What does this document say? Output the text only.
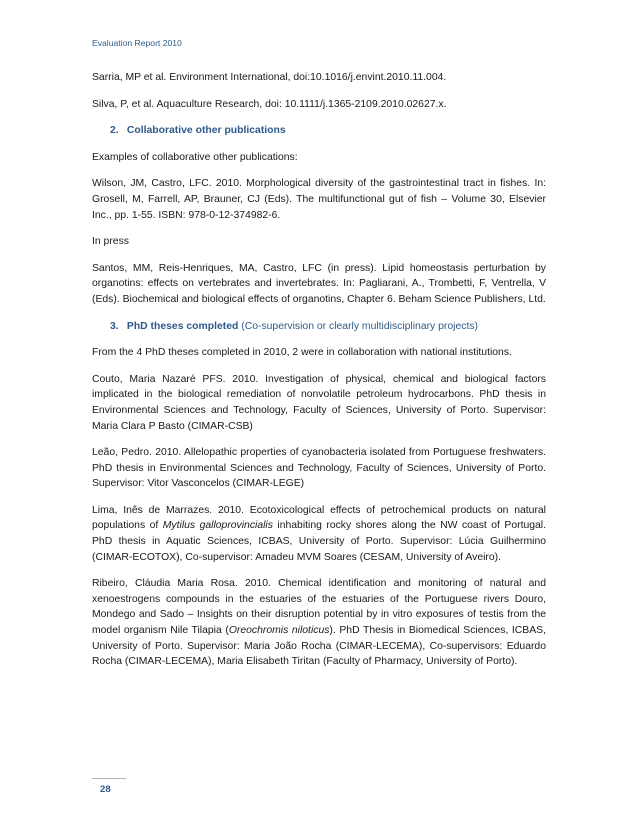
Evaluation Report 2010

Sarria, MP et al. Environment International, doi:10.1016/j.envint.2010.11.004.

Silva, P, et al. Aquaculture Research, doi: 10.1111/j.1365-2109.2010.02627.x.

2. Collaborative other publications

Examples of collaborative other publications:

Wilson, JM, Castro, LFC. 2010. Morphological diversity of the gastrointestinal tract in fishes. In: Grosell, M, Farrell, AP, Brauner, CJ (Eds). The multifunctional gut of fish – Volume 30, Elsevier Inc., pp. 1-55. ISBN: 978-0-12-374982-6.

In press

Santos, MM, Reis-Henriques, MA, Castro, LFC (in press). Lipid homeostasis perturbation by organotins: effects on vertebrates and invertebrates. In: Pagliarani, A., Trombetti, F, Ventrella, V (Eds). Biochemical and biological effects of organotins, Chapter 6. Beham Science Publishers, Ltd.

3. PhD theses completed (Co-supervision or clearly multidisciplinary projects)

From the 4 PhD theses completed in 2010, 2 were in collaboration with national institutions.

Couto, Maria Nazaré PFS. 2010. Investigation of physical, chemical and biological factors implicated in the biological remediation of nonvolatile petroleum hydrocarbons. PhD thesis in Environmental Sciences and Technology, Faculty of Sciences, University of Porto. Supervisor: Maria Clara P Basto (CIMAR-CSB)

Leão, Pedro. 2010. Allelopathic properties of cyanobacteria isolated from Portuguese freshwaters. PhD thesis in Environmental Sciences and Technology, Faculty of Sciences, University of Porto. Supervisor: Vitor Vasconcelos (CIMAR-LEGE)

Lima, Inês de Marrazes. 2010. Ecotoxicological effects of petrochemical products on natural populations of Mytilus galloprovincialis inhabiting rocky shores along the NW coast of Portugal. PhD thesis in Aquatic Sciences, ICBAS, University of Porto. Supervisor: Lúcia Guilhermino (CIMAR-ECOTOX), Co-supervisor: Amadeu MVM Soares (CESAM, University of Aveiro).

Ribeiro, Cláudia Maria Rosa. 2010. Chemical identification and monitoring of natural and xenoestrogens compounds in the estuaries of the estuaries of the Portuguese rivers Douro, Mondego and Sado – Insights on their disruption potential by in vitro exposures of testis from the model organism Nile Tilapia (Oreochromis niloticus). PhD Thesis in Biomedical Sciences, ICBAS, University of Porto. Supervisor: Maria João Rocha (CIMAR-LECEMA), Co-supervisors: Eduardo Rocha (CIMAR-LECEMA), Maria Elisabeth Tiritan (Faculty of Pharmacy, University of Porto).

28
